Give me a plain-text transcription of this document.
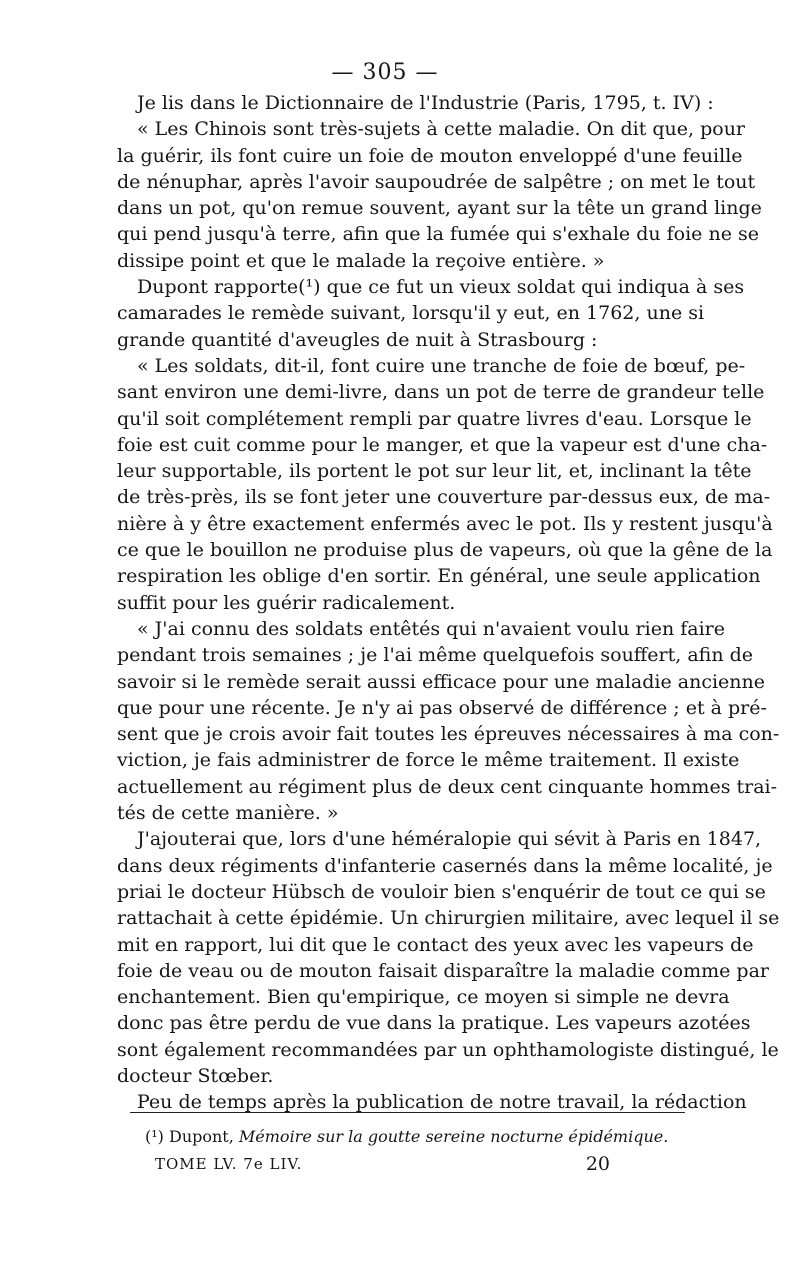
— 305 —
Je lis dans le Dictionnaire de l'Industrie (Paris, 1795, t. IV) :
« Les Chinois sont très-sujets à cette maladie. On dit que, pour
la guérir, ils font cuire un foie de mouton enveloppé d'une feuille
de nénuphar, après l'avoir saupoudrée de salpêtre ; on met le tout
dans un pot, qu'on remue souvent, ayant sur la tête un grand linge
qui pend jusqu'à terre, afin que la fumée qui s'exhale du foie ne se
dissipe point et que le malade la reçoive entière. »
Dupont rapporte(¹) que ce fut un vieux soldat qui indiqua à ses
camarades le remède suivant, lorsqu'il y eut, en 1762, une si
grande quantité d'aveugles de nuit à Strasbourg :
« Les soldats, dit-il, font cuire une tranche de foie de bœuf, pe-
sant environ une demi-livre, dans un pot de terre de grandeur telle
qu'il soit complétement rempli par quatre livres d'eau. Lorsque le
foie est cuit comme pour le manger, et que la vapeur est d'une cha-
leur supportable, ils portent le pot sur leur lit, et, inclinant la tête
de très-près, ils se font jeter une couverture par-dessus eux, de ma-
nière à y être exactement enfermés avec le pot. Ils y restent jusqu'à
ce que le bouillon ne produise plus de vapeurs, où que la gêne de la
respiration les oblige d'en sortir. En général, une seule application
suffit pour les guérir radicalement.
« J'ai connu des soldats entêtés qui n'avaient voulu rien faire
pendant trois semaines ; je l'ai même quelquefois souffert, afin de
savoir si le remède serait aussi efficace pour une maladie ancienne
que pour une récente. Je n'y ai pas observé de différence ; et à pré-
sent que je crois avoir fait toutes les épreuves nécessaires à ma con-
viction, je fais administrer de force le même traitement. Il existe
actuellement au régiment plus de deux cent cinquante hommes trai-
tés de cette manière. »
J'ajouterai que, lors d'une héméralopie qui sévit à Paris en 1847,
dans deux régiments d'infanterie casernés dans la même localité, je
priai le docteur Hübsch de vouloir bien s'enquérir de tout ce qui se
rattachait à cette épidémie. Un chirurgien militaire, avec lequel il se
mit en rapport, lui dit que le contact des yeux avec les vapeurs de
foie de veau ou de mouton faisait disparaître la maladie comme par
enchantement. Bien qu'empirique, ce moyen si simple ne devra
donc pas être perdu de vue dans la pratique. Les vapeurs azotées
sont également recommandées par un ophthamologiste distingué, le
docteur Stœber.
Peu de temps après la publication de notre travail, la rédaction
(¹) Dupont, Mémoire sur la goutte sereine nocturne épidémique.
TOME LV. 7e LIV.	20
